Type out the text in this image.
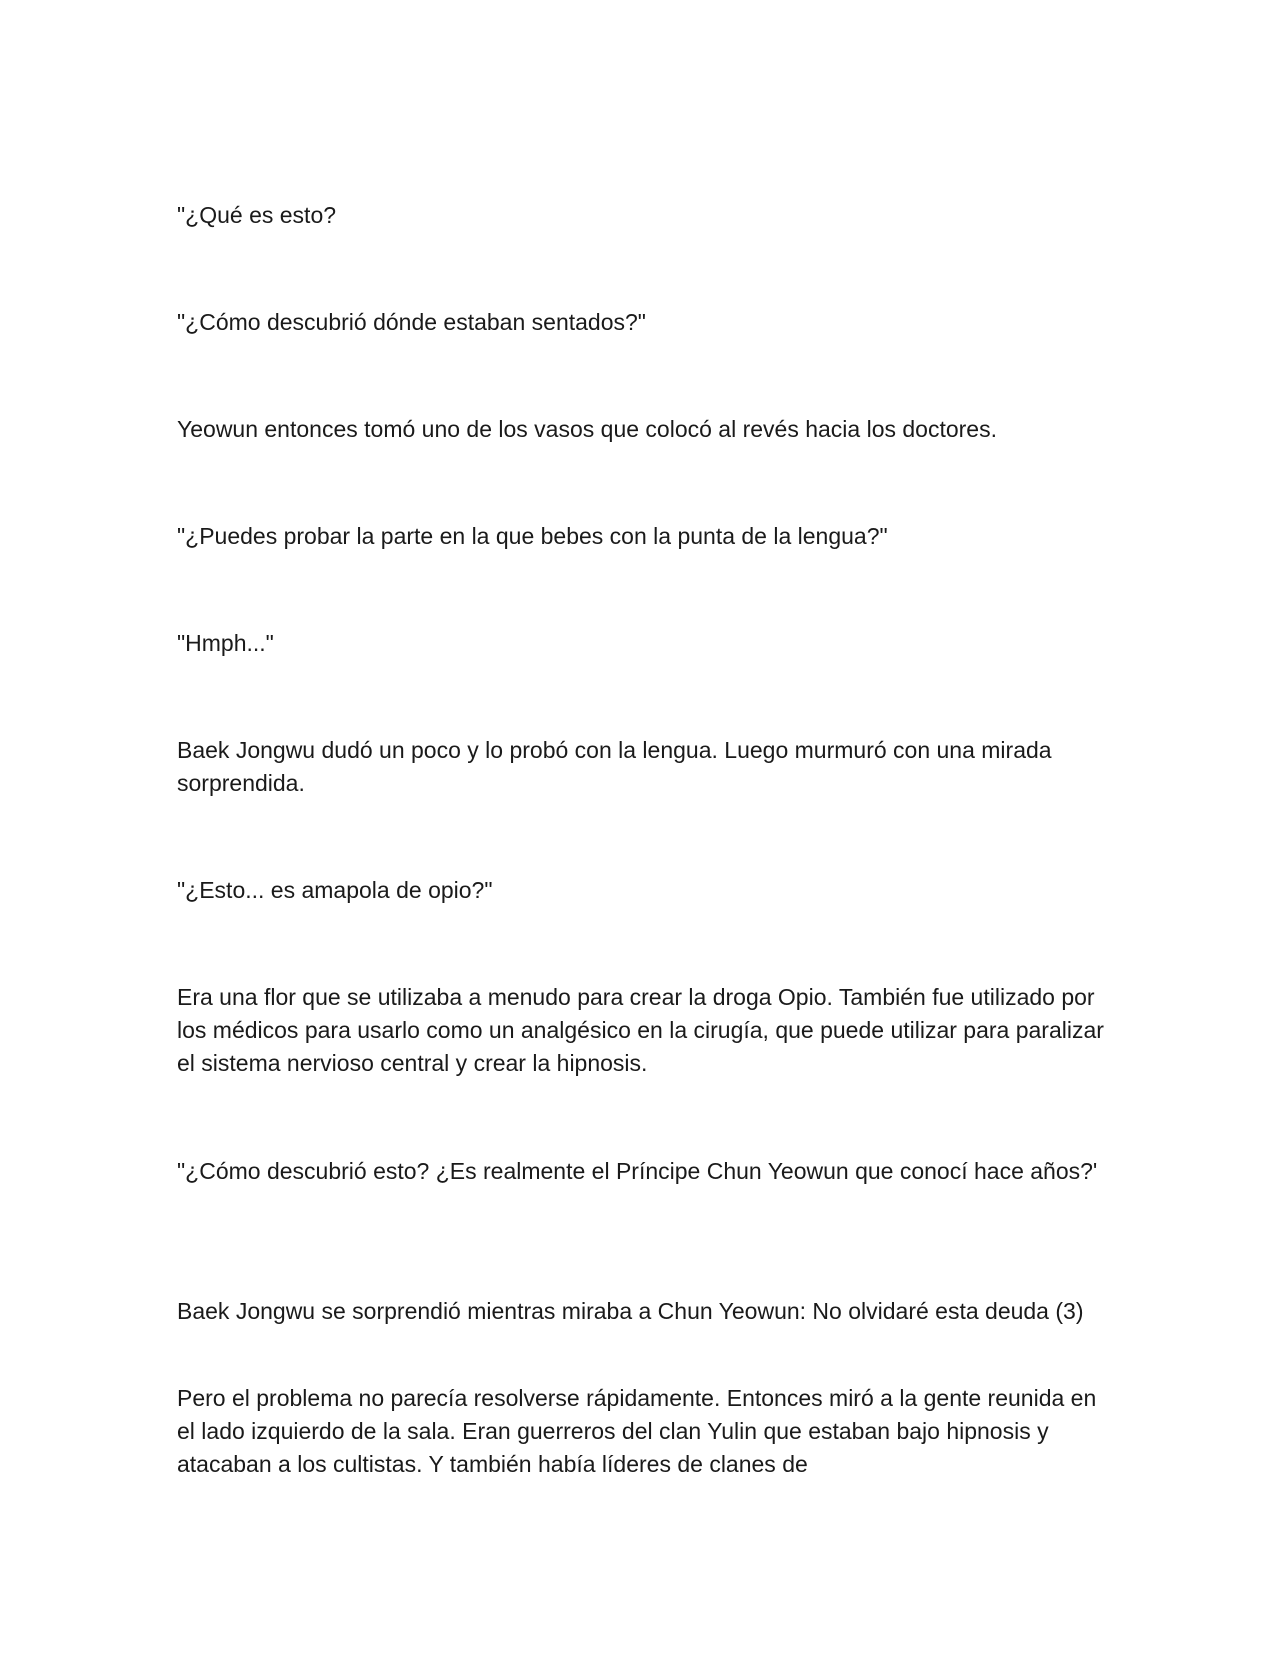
"¿Qué es esto?

"¿Cómo descubrió dónde estaban sentados?"

Yeowun entonces tomó uno de los vasos que colocó al revés hacia los doctores.

"¿Puedes probar la parte en la que bebes con la punta de la lengua?"

"Hmph..."

Baek Jongwu dudó un poco y lo probó con la lengua. Luego murmuró con una mirada sorprendida.

"¿Esto... es amapola de opio?"

Era una flor que se utilizaba a menudo para crear la droga Opio. También fue utilizado por los médicos para usarlo como un analgésico en la cirugía, que puede utilizar para paralizar el sistema nervioso central y crear la hipnosis.

"¿Cómo descubrió esto? ¿Es realmente el Príncipe Chun Yeowun que conocí hace años?'

Baek Jongwu se sorprendió mientras miraba a Chun Yeowun: No olvidaré esta deuda (3)

Pero el problema no parecía resolverse rápidamente. Entonces miró a la gente reunida en el lado izquierdo de la sala. Eran guerreros del clan Yulin que estaban bajo hipnosis y atacaban a los cultistas. Y también había líderes de clanes de
